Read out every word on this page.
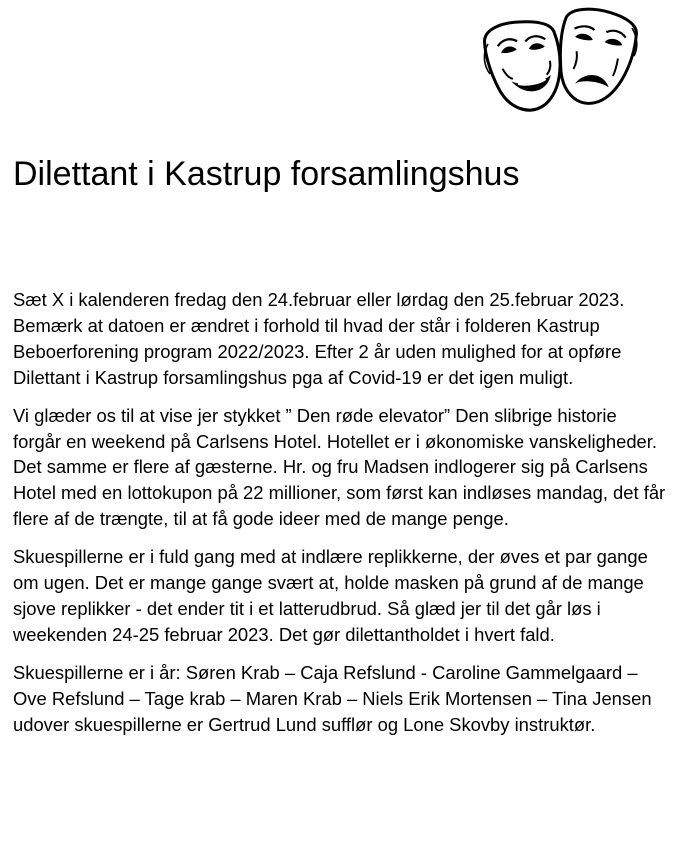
Dilettant i Kastrup forsamlingshus

Sæt X i kalenderen fredag den 24.februar eller lørdag den 25.februar 2023. Bemærk at datoen er ændret i forhold til hvad der står i folderen Kastrup Beboerforening program 2022/2023. Efter 2 år uden mulighed for at opføre Dilettant i Kastrup forsamlingshus pga af Covid-19 er det igen muligt.

Vi glæder os til at vise jer stykket ” Den røde elevator” Den slibrige historie forgår en weekend på Carlsens Hotel. Hotellet er i økonomiske vanskeligheder. Det samme er flere af gæsterne. Hr. og fru Madsen indlogerer sig på Carlsens Hotel med en lottokupon på 22 millioner, som først kan indløses mandag, det får flere af de trængte, til at få gode ideer med de mange penge.

Skuespillerne er i fuld gang med at indlære replikkerne, der øves et par gange om ugen. Det er mange gange svært at, holde masken på grund af de mange sjove replikker - det ender tit i et latterudbrud. Så glæd jer til det går løs i weekenden 24-25 februar 2023. Det gør dilettantholdet i hvert fald.

Skuespillerne er i år: Søren Krab – Caja Refslund - Caroline Gammelgaard – Ove Refslund – Tage krab – Maren Krab – Niels Erik Mortensen – Tina Jensen udover skuespillerne er Gertrud Lund sufflør og Lone Skovby instruktør.
